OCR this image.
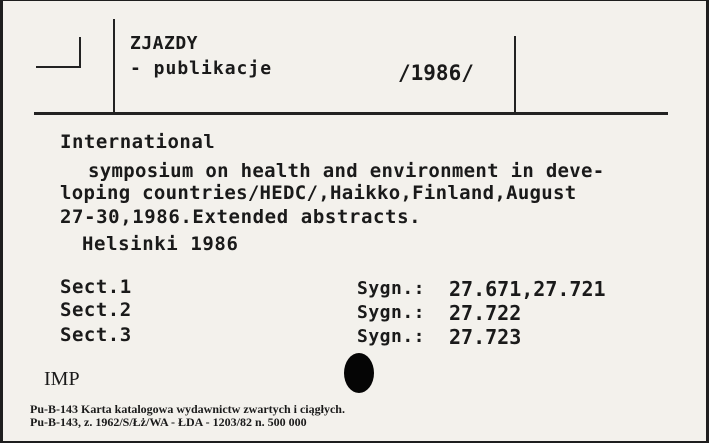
ZJAZDY
- publikacje	/1986/
International
symposium on health and environment in deve-
loping countries/HEDC/,Haikko,Finland,August
27-30,1986.Extended abstracts.
Helsinki 1986
Sect.1
Sect.2
Sect.3
Sygn.:
Sygn.:
Sygn.:
27.671,27.721
27.722
27.723
IMP
Pu-B-143 Karta katalogowa wydawnictw zwartych i ciągłych.
Pu-B-143, z. 1962/S/Łż/WA - ŁDA - 1203/82 n. 500 000
